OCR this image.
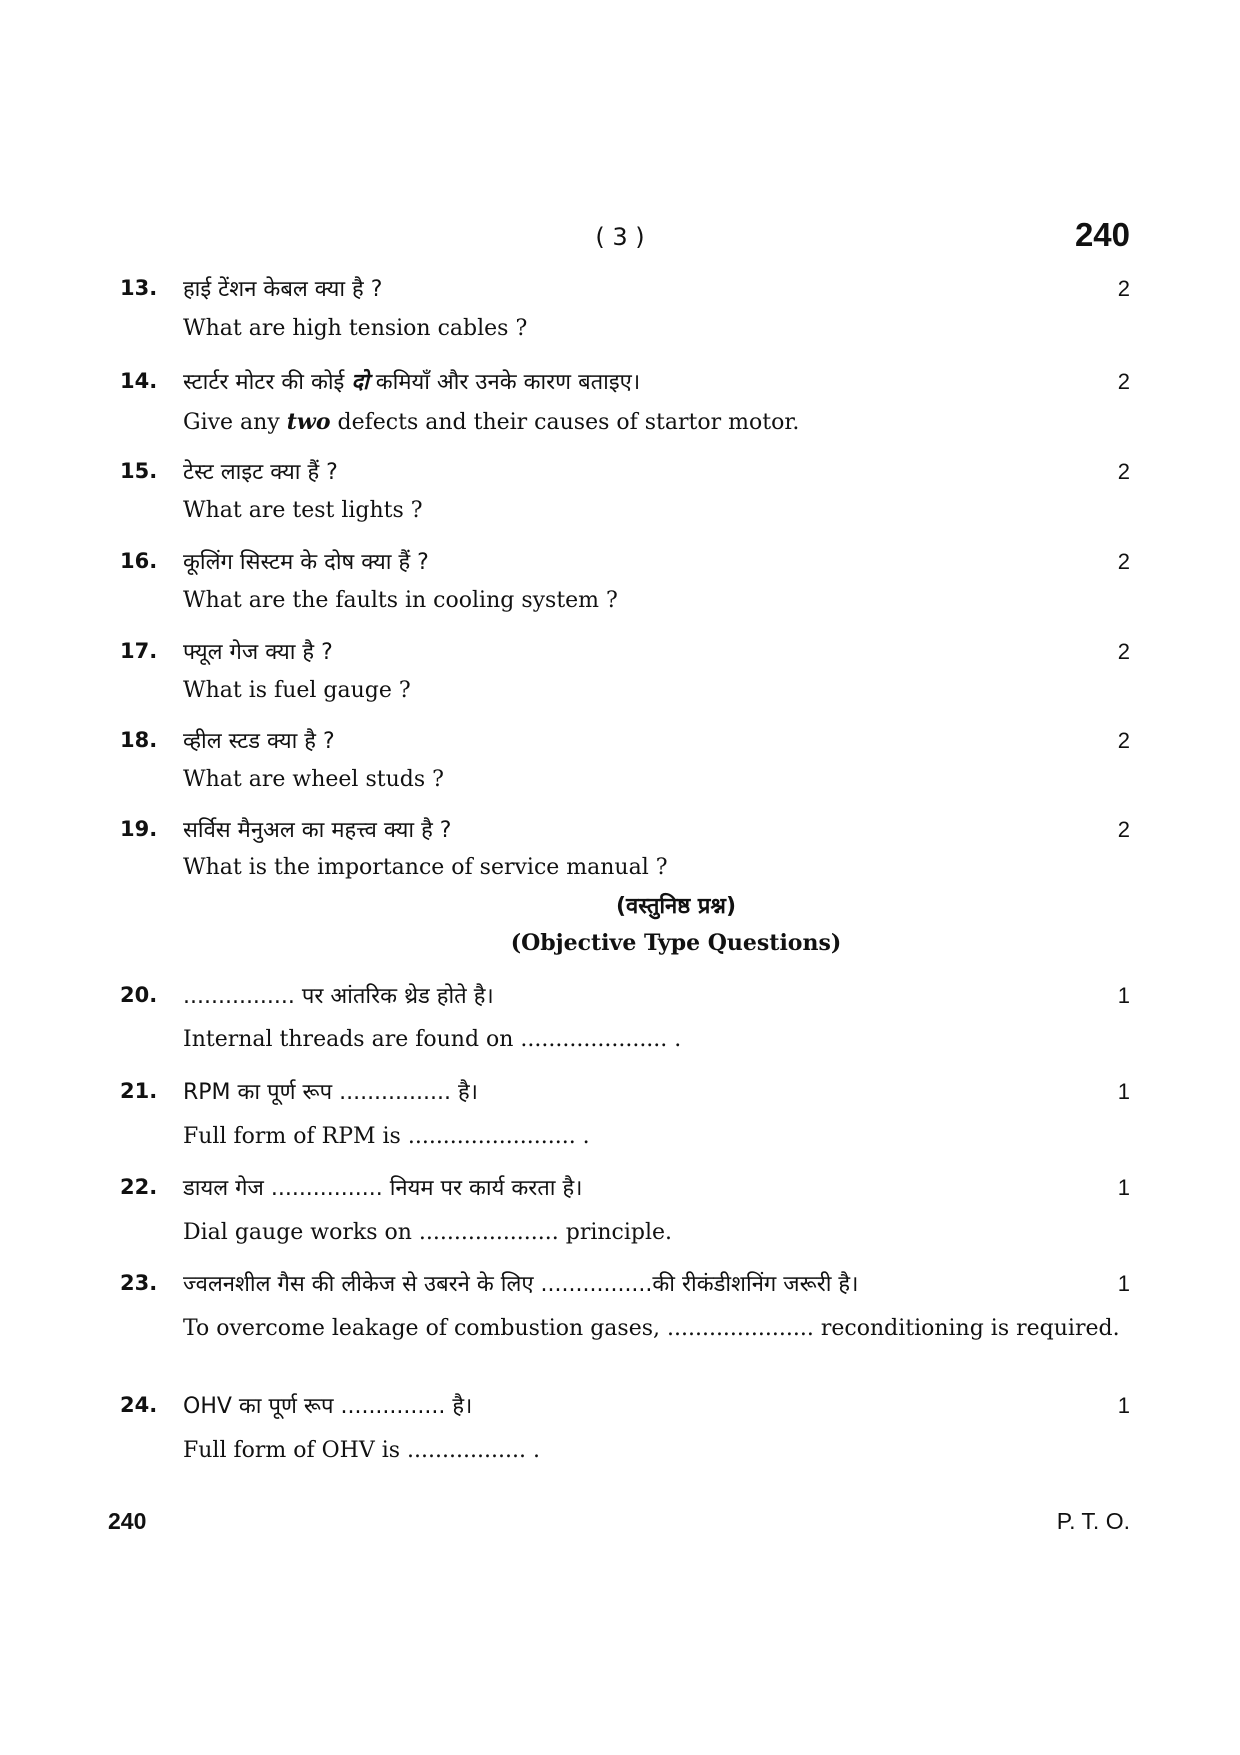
( 3 )	240
13.	हाई टेंशन केबल क्या है ?	2
What are high tension cables ?
14.	स्टार्टर मोटर की कोई दो कमियाँ और उनके कारण बताइए।	2
Give any two defects and their causes of startor motor.
15.	टेस्ट लाइट क्या हैं ?	2
What are test lights ?
16.	कूलिंग सिस्टम के दोष क्या हैं ?	2
What are the faults in cooling system ?
17.	फ्यूल गेज क्या है ?	2
What is fuel gauge ?
18.	व्हील स्टड क्या है ?	2
What are wheel studs ?
19.	सर्विस मैनुअल का महत्त्व क्या है ?	2
What is the importance of service manual ?
(वस्तुनिष्ठ प्रश्न)
(Objective Type Questions)
20.	................ पर आंतरिक थ्रेड होते है।	1
Internal threads are found on ..................... .
21.	RPM का पूर्ण रूप ................ है।	1
Full form of RPM is ........................ .
22.	डायल गेज ................ नियम पर कार्य करता है।	1
Dial gauge works on .................... principle.
23.	ज्वलनशील गैस की लीकेज से उबरने के लिए ................की रीकंडीशनिंग जरूरी है।	1
To overcome leakage of combustion gases, ..................... reconditioning is required.
24.	OHV का पूर्ण रूप ............... है।	1
Full form of OHV is ................. .
240	P. T. O.
